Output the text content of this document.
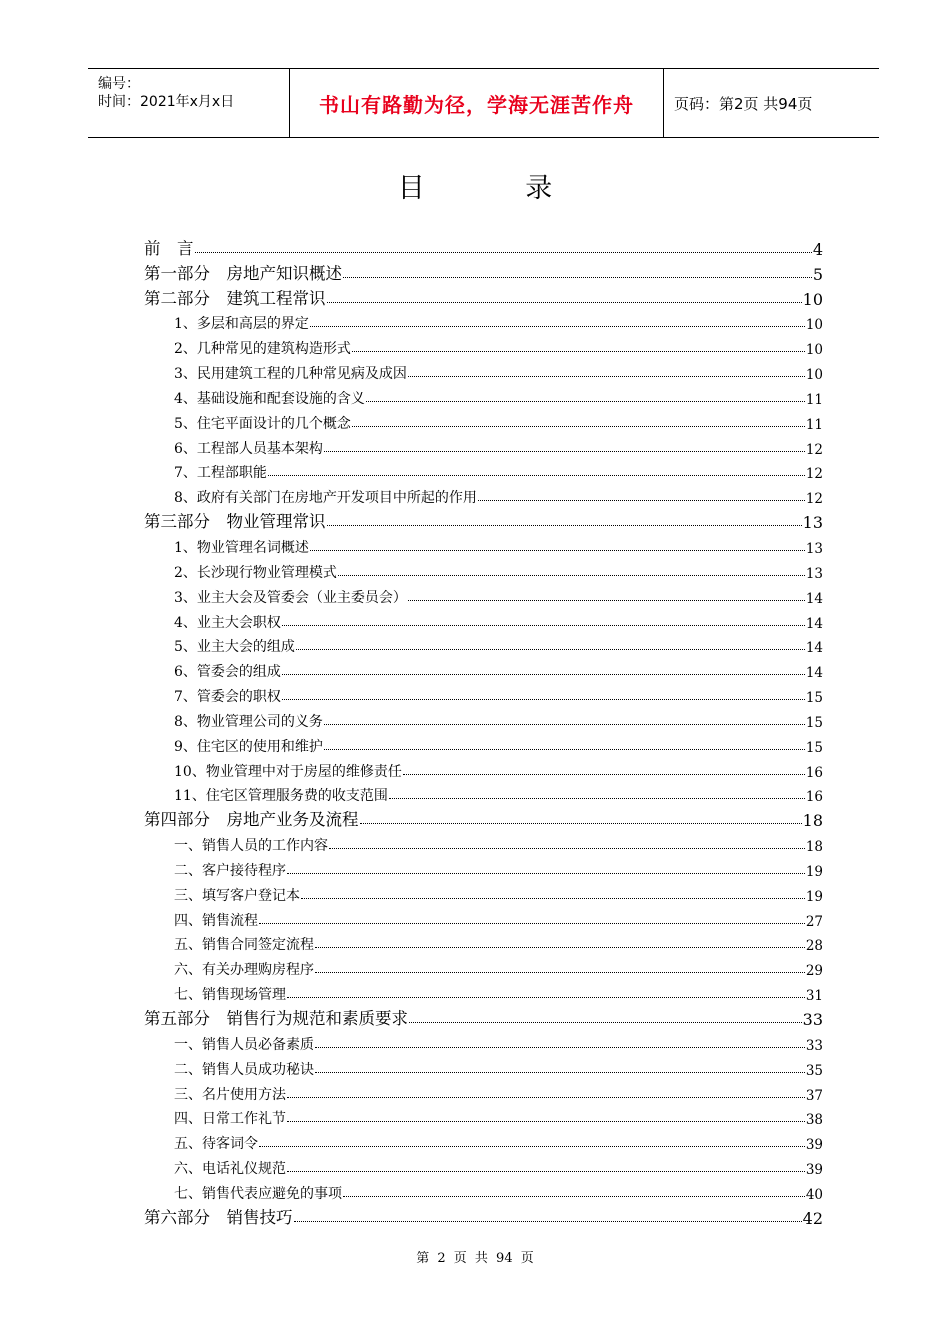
编号：
时间：2021年x月x日	书山有路勤为径，学海无涯苦作舟	页码：第2页 共94页
目 录
前　言	4
第一部分　房地产知识概述	5
第二部分　建筑工程常识	10
1、多层和高层的界定	10
2、几种常见的建筑构造形式	10
3、民用建筑工程的几种常见病及成因	10
4、基础设施和配套设施的含义	11
5、住宅平面设计的几个概念	11
6、工程部人员基本架构	12
7、工程部职能	12
8、政府有关部门在房地产开发项目中所起的作用	12
第三部分　物业管理常识	13
1、物业管理名词概述	13
2、长沙现行物业管理模式	13
3、业主大会及管委会（业主委员会）	14
4、业主大会职权	14
5、业主大会的组成	14
6、管委会的组成	14
7、管委会的职权	15
8、物业管理公司的义务	15
9、住宅区的使用和维护	15
10、物业管理中对于房屋的维修责任	16
11、住宅区管理服务费的收支范围	16
第四部分　房地产业务及流程	18
一、销售人员的工作内容	18
二、客户接待程序	19
三、填写客户登记本	19
四、销售流程	27
五、销售合同签定流程	28
六、有关办理购房程序	29
七、销售现场管理	31
第五部分　销售行为规范和素质要求	33
一、销售人员必备素质	33
二、销售人员成功秘诀	35
三、名片使用方法	37
四、日常工作礼节	38
五、待客词令	39
六、电话礼仪规范	39
七、销售代表应避免的事项	40
第六部分　销售技巧	42
第 2 页 共 94 页
